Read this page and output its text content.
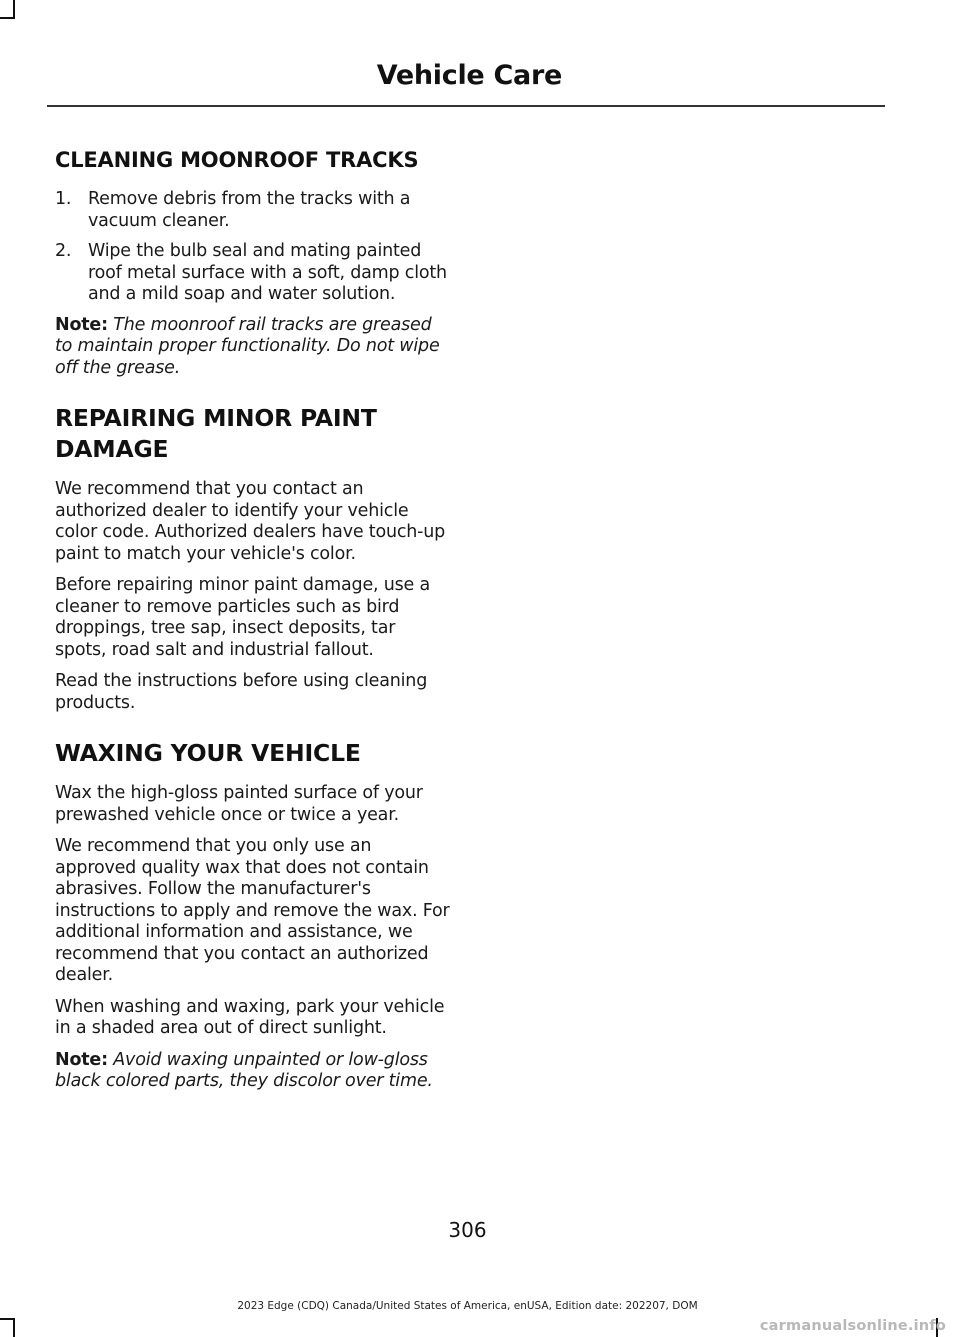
Vehicle Care
CLEANING MOONROOF TRACKS
1. Remove debris from the tracks with a vacuum cleaner.
2. Wipe the bulb seal and mating painted roof metal surface with a soft, damp cloth and a mild soap and water solution.

Note: The moonroof rail tracks are greased to maintain proper functionality. Do not wipe off the grease.

REPAIRING MINOR PAINT
DAMAGE

We recommend that you contact an authorized dealer to identify your vehicle color code. Authorized dealers have touch-up paint to match your vehicle's color.

Before repairing minor paint damage, use a cleaner to remove particles such as bird droppings, tree sap, insect deposits, tar spots, road salt and industrial fallout.

Read the instructions before using cleaning products.

WAXING YOUR VEHICLE

Wax the high-gloss painted surface of your prewashed vehicle once or twice a year.

We recommend that you only use an approved quality wax that does not contain abrasives. Follow the manufacturer's instructions to apply and remove the wax. For additional information and assistance, we recommend that you contact an authorized dealer.

When washing and waxing, park your vehicle in a shaded area out of direct sunlight.

Note: Avoid waxing unpainted or low-gloss black colored parts, they discolor over time.

306
2023 Edge (CDQ) Canada/United States of America, enUSA, Edition date: 202207, DOM
carmanualsonline.info
